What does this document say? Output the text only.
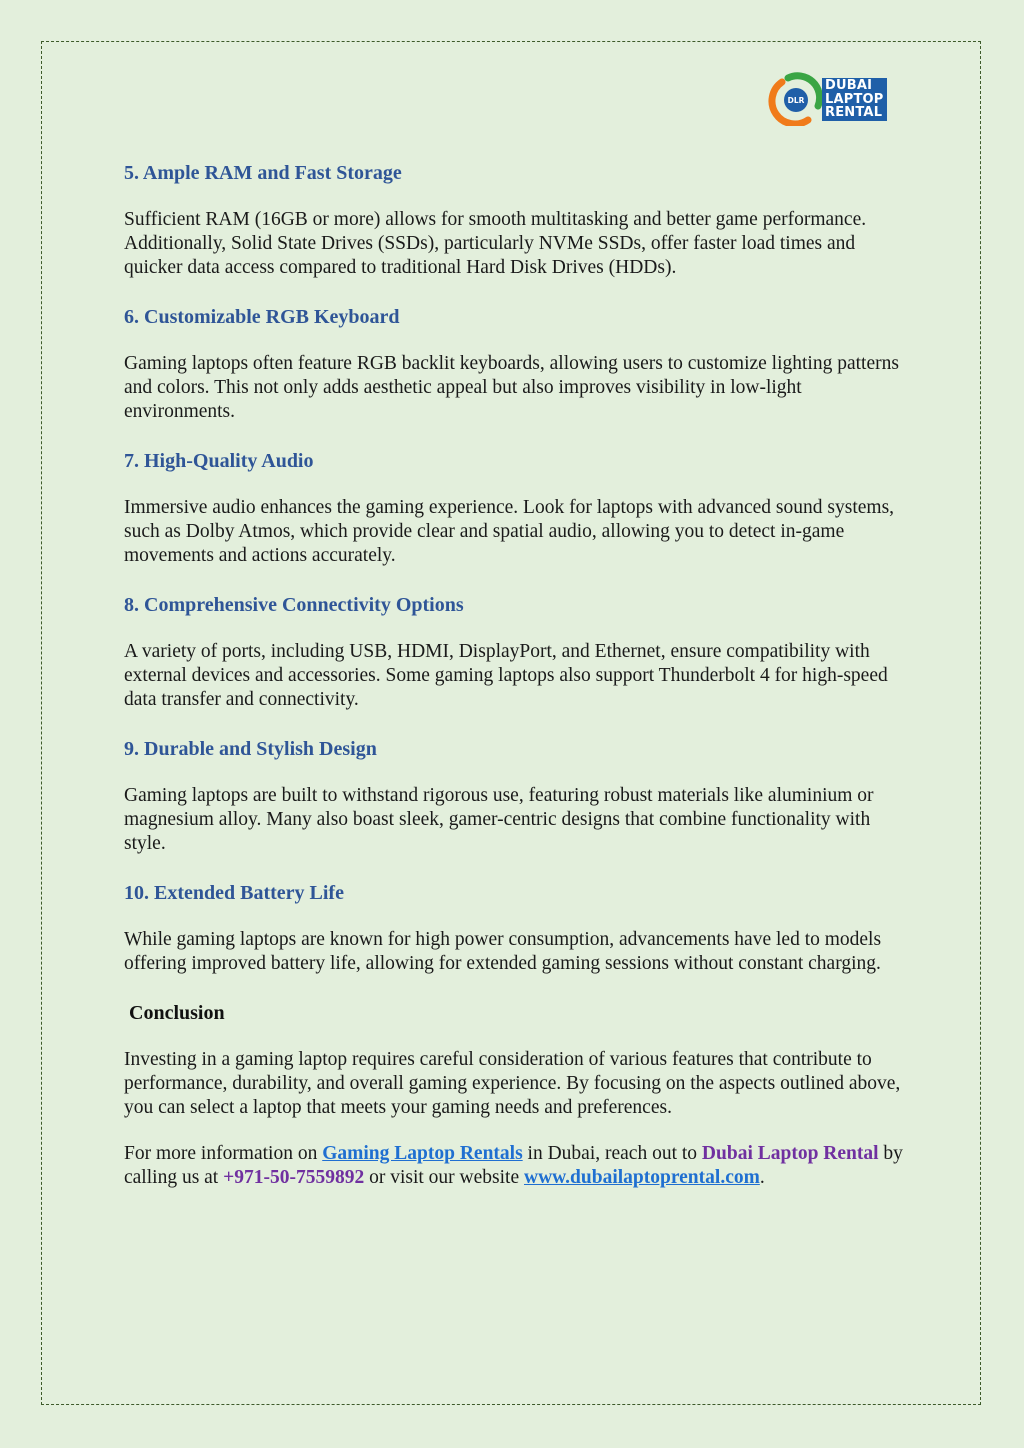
DLR
DUBAI
LAPTOP
RENTAL
5. Ample RAM and Fast Storage

Sufficient RAM (16GB or more) allows for smooth multitasking and better game performance. Additionally, Solid State Drives (SSDs), particularly NVMe SSDs, offer faster load times and quicker data access compared to traditional Hard Disk Drives (HDDs).

6. Customizable RGB Keyboard

Gaming laptops often feature RGB backlit keyboards, allowing users to customize lighting patterns and colors. This not only adds aesthetic appeal but also improves visibility in low-light environments.

7. High-Quality Audio

Immersive audio enhances the gaming experience. Look for laptops with advanced sound systems, such as Dolby Atmos, which provide clear and spatial audio, allowing you to detect in-game movements and actions accurately.

8. Comprehensive Connectivity Options

A variety of ports, including USB, HDMI, DisplayPort, and Ethernet, ensure compatibility with external devices and accessories. Some gaming laptops also support Thunderbolt 4 for high-speed data transfer and connectivity.

9. Durable and Stylish Design

Gaming laptops are built to withstand rigorous use, featuring robust materials like aluminium or magnesium alloy. Many also boast sleek, gamer-centric designs that combine functionality with style.

10. Extended Battery Life

While gaming laptops are known for high power consumption, advancements have led to models offering improved battery life, allowing for extended gaming sessions without constant charging.

Conclusion

Investing in a gaming laptop requires careful consideration of various features that contribute to performance, durability, and overall gaming experience. By focusing on the aspects outlined above, you can select a laptop that meets your gaming needs and preferences.

For more information on Gaming Laptop Rentals in Dubai, reach out to Dubai Laptop Rental by calling us at +971-50-7559892 or visit our website www.dubailaptoprental.com.
